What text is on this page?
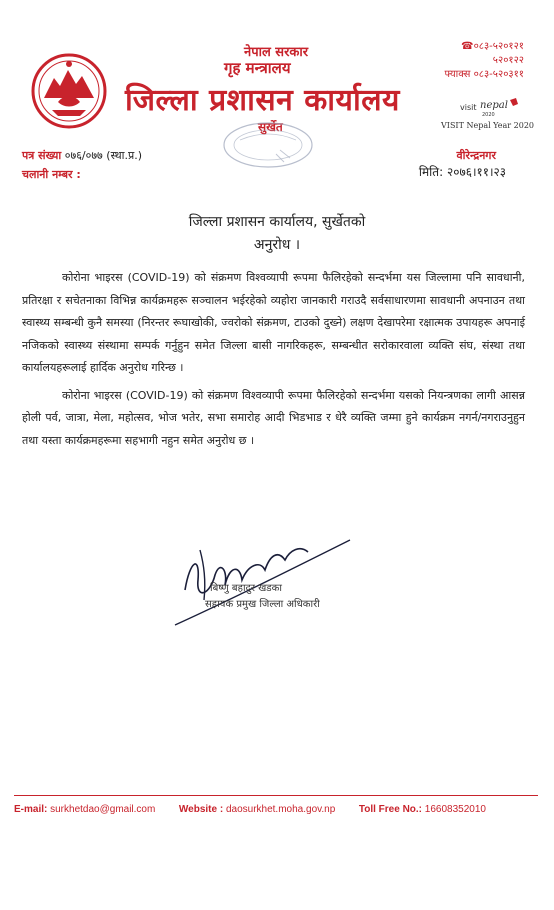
नेपाल सरकार
गृह मन्त्रालय
जिल्ला प्रशासन कार्यालय
सुर्खेत
☎०८३-५२०१२१
५२०१२२
फ्याक्स ०८३-५२०३११
visit nepal
2020
VISIT Nepal Year 2020
पत्र संख्या ०७६/०७७ (स्था.प्र.)
चलानी नम्बर :
वीरेन्द्रनगर
मिति: २०७६।११।२३
जिल्ला प्रशासन कार्यालय, सुर्खेतको
अनुरोध ।

कोरोना भाइरस (COVID-19) को संक्रमण विश्वव्यापी रूपमा फैलिरहेको सन्दर्भमा यस जिल्लामा पनि सावधानी, प्रतिरक्षा र सचेतनाका विभिन्न कार्यक्रमहरू सञ्चालन भईरहेको व्यहोरा जानकारी गराउदै सर्वसाधारणमा सावधानी अपनाउन तथा स्वास्थ्य सम्बन्धी कुनै समस्या (निरन्तर रूघाखोकी, ज्वरोको संक्रमण, टाउको दुख्ने) लक्षण देखापरेमा रक्षात्मक उपायहरू अपनाई नजिकको स्वास्थ्य संस्थामा सम्पर्क गर्नुहुन समेत जिल्ला बासी नागरिकहरू, सम्बन्धीत सरोकारवाला व्यक्ति संघ, संस्था तथा कार्यालयहरूलाई हार्दिक अनुरोध गरिन्छ ।

कोरोना भाइरस (COVID-19) को संक्रमण विश्वव्यापी रूपमा फैलिरहेको सन्दर्भमा यसको नियन्त्रणका लागी आसन्न होली पर्व, जात्रा, मेला, महोत्सव, भोज भतेर, सभा समारोह आदी भिडभाड र धेरै व्यक्ति जम्मा हुने कार्यक्रम नगर्न/नगराउनुहुन तथा यस्ता कार्यक्रमहरूमा सहभागी नहुन समेत अनुरोध छ ।

बिष्णु बहादुर खडका
सहायक प्रमुख जिल्ला अधिकारी
E-mail: surkhetdao@gmail.com Website : daosurkhet.moha.gov.np Toll Free No.: 16608352010
